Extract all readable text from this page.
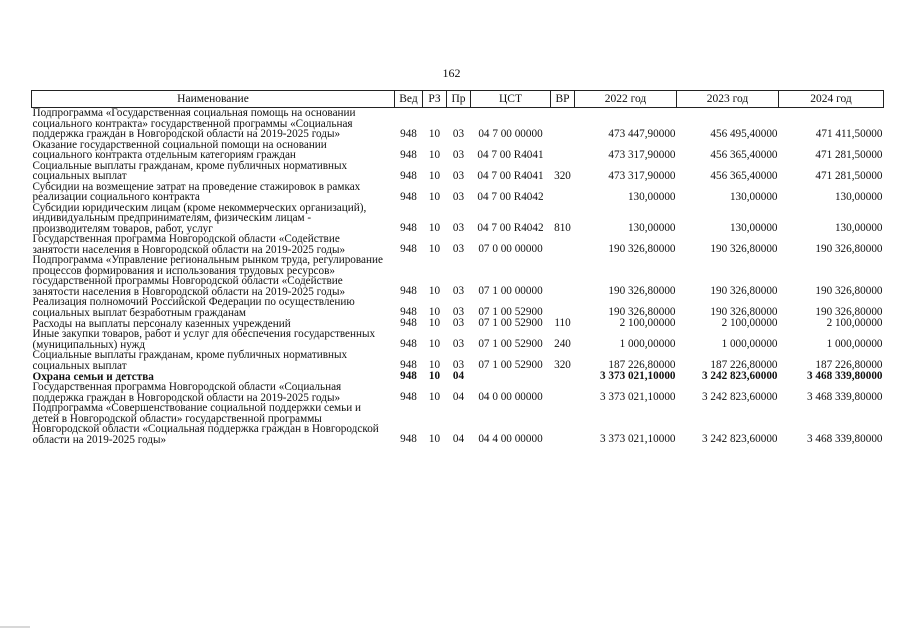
162
Наименование	Вед	РЗ	Пр	ЦСТ	ВР	2022 год	2023 год	2024 год
Подпрограмма «Государственная социальная помощь на основании социального контракта» государственной программы «Социальная поддержка граждан в Новгородской области на 2019-2025 годы»	948	10	03	04 7 00 00000		473 447,90000	456 495,40000	471 411,50000
Оказание государственной социальной помощи на основании социального контракта отдельным категориям граждан	948	10	03	04 7 00 R4041		473 317,90000	456 365,40000	471 281,50000
Социальные выплаты гражданам, кроме публичных нормативных социальных выплат	948	10	03	04 7 00 R4041	320	473 317,90000	456 365,40000	471 281,50000
Субсидии на возмещение затрат на проведение стажировок в рамках реализации социального контракта	948	10	03	04 7 00 R4042		130,00000	130,00000	130,00000
Субсидии юридическим лицам (кроме некоммерческих организаций), индивидуальным предпринимателям, физическим лицам - производителям товаров, работ, услуг	948	10	03	04 7 00 R4042	810	130,00000	130,00000	130,00000
Государственная программа Новгородской области «Содействие занятости населения в Новгородской области на 2019-2025 годы»	948	10	03	07 0 00 00000		190 326,80000	190 326,80000	190 326,80000
Подпрограмма «Управление региональным рынком труда, регулирование процессов формирования и использования трудовых ресурсов» государственной программы Новгородской области «Содействие занятости населения в Новгородской области на 2019-2025 годы»	948	10	03	07 1 00 00000		190 326,80000	190 326,80000	190 326,80000
Реализация полномочий Российской Федерации по осуществлению социальных выплат безработным гражданам	948	10	03	07 1 00 52900		190 326,80000	190 326,80000	190 326,80000
Расходы на выплаты персоналу казенных учреждений	948	10	03	07 1 00 52900	110	2 100,00000	2 100,00000	2 100,00000
Иные закупки товаров, работ и услуг для обеспечения государственных (муниципальных) нужд	948	10	03	07 1 00 52900	240	1 000,00000	1 000,00000	1 000,00000
Социальные выплаты гражданам, кроме публичных нормативных социальных выплат	948	10	03	07 1 00 52900	320	187 226,80000	187 226,80000	187 226,80000
Охрана семьи и детства	948	10	04			3 373 021,10000	3 242 823,60000	3 468 339,80000
Государственная программа Новгородской области «Социальная поддержка граждан в Новгородской области на 2019-2025 годы»	948	10	04	04 0 00 00000		3 373 021,10000	3 242 823,60000	3 468 339,80000
Подпрограмма «Совершенствование социальной поддержки семьи и детей в Новгородской области» государственной программы Новгородской области «Социальная поддержка граждан в Новгородской области на 2019-2025 годы»	948	10	04	04 4 00 00000		3 373 021,10000	3 242 823,60000	3 468 339,80000
